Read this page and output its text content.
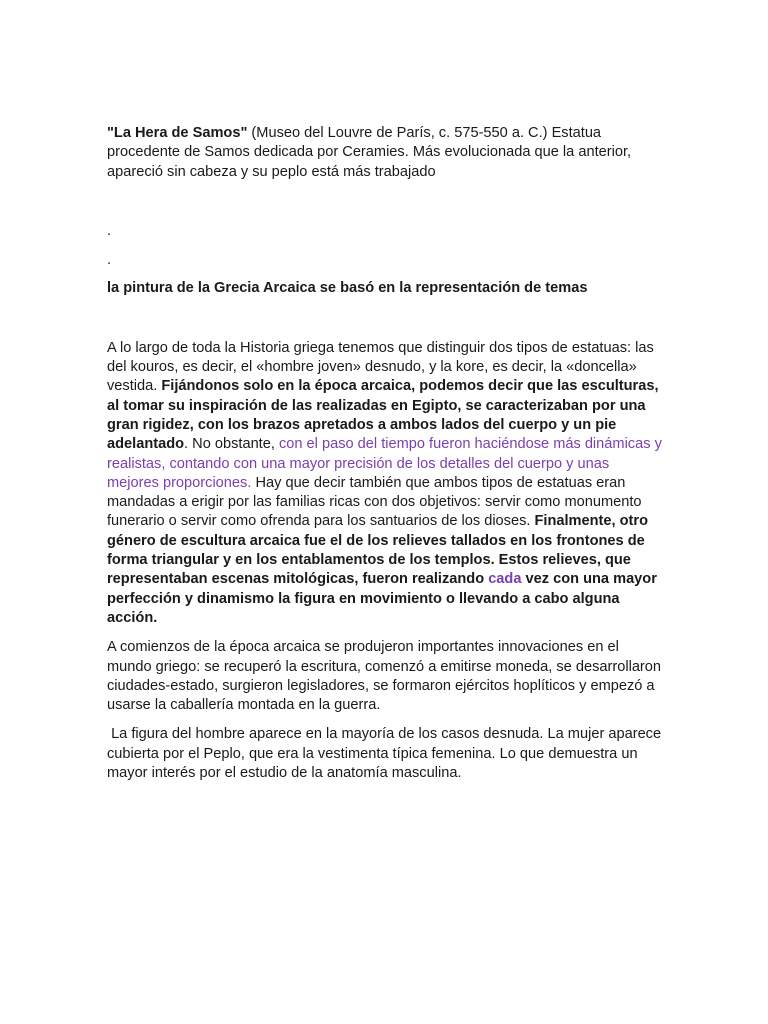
"La Hera de Samos" (Museo del Louvre de París, c. 575-550 a. C.) Estatua procedente de Samos dedicada por Ceramies. Más evolucionada que la anterior, apareció sin cabeza y su peplo está más trabajado

.

.

la pintura de la Grecia Arcaica se basó en la representación de temas

A lo largo de toda la Historia griega tenemos que distinguir dos tipos de estatuas: las del kouros, es decir, el «hombre joven» desnudo, y la kore, es decir, la «doncella» vestida. Fijándonos solo en la época arcaica, podemos decir que las esculturas, al tomar su inspiración de las realizadas en Egipto, se caracterizaban por una gran rigidez, con los brazos apretados a ambos lados del cuerpo y un pie adelantado. No obstante, con el paso del tiempo fueron haciéndose más dinámicas y realistas, contando con una mayor precisión de los detalles del cuerpo y unas mejores proporciones. Hay que decir también que ambos tipos de estatuas eran mandadas a erigir por las familias ricas con dos objetivos: servir como monumento funerario o servir como ofrenda para los santuarios de los dioses. Finalmente, otro género de escultura arcaica fue el de los relieves tallados en los frontones de forma triangular y en los entablamentos de los templos. Estos relieves, que representaban escenas mitológicas, fueron realizando cada vez con una mayor perfección y dinamismo la figura en movimiento o llevando a cabo alguna acción.

A comienzos de la época arcaica se produjeron importantes innovaciones en el mundo griego: se recuperó la escritura, comenzó a emitirse moneda, se desarrollaron ciudades-estado, surgieron legisladores, se formaron ejércitos hoplíticos y empezó a usarse la caballería montada en la guerra.

La figura del hombre aparece en la mayoría de los casos desnuda. La mujer aparece cubierta por el Peplo, que era la vestimenta típica femenina. Lo que demuestra un mayor interés por el estudio de la anatomía masculina.
